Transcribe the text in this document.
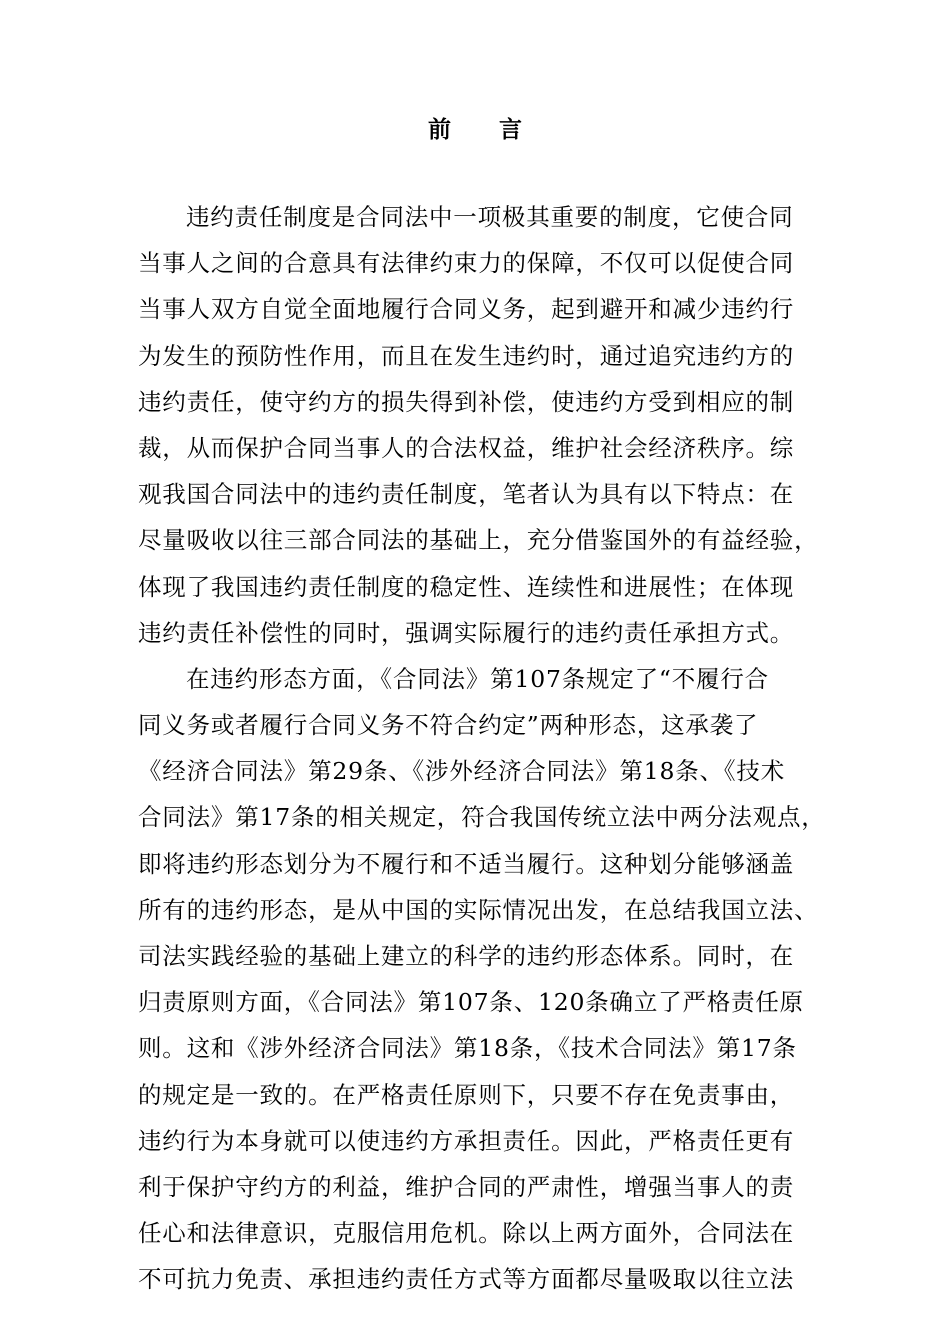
前 言
违约责任制度是合同法中一项极其重要的制度，它使合同
当事人之间的合意具有法律约束力的保障，不仅可以促使合同
当事人双方自觉全面地履行合同义务，起到避开和减少违约行
为发生的预防性作用，而且在发生违约时，通过追究违约方的
违约责任，使守约方的损失得到补偿，使违约方受到相应的制
裁，从而保护合同当事人的合法权益，维护社会经济秩序。综
观我国合同法中的违约责任制度，笔者认为具有以下特点：在
尽量吸收以往三部合同法的基础上，充分借鉴国外的有益经验，
体现了我国违约责任制度的稳定性、连续性和进展性；在体现
违约责任补偿性的同时，强调实际履行的违约责任承担方式。
在违约形态方面，《合同法》第107条规定了“不履行合
同义务或者履行合同义务不符合约定”两种形态，这承袭了
《经济合同法》第29条、《涉外经济合同法》第18条、《技术
合同法》第17条的相关规定，符合我国传统立法中两分法观点，
即将违约形态划分为不履行和不适当履行。这种划分能够涵盖
所有的违约形态，是从中国的实际情况出发，在总结我国立法、
司法实践经验的基础上建立的科学的违约形态体系。同时，在
归责原则方面，《合同法》第107条、120条确立了严格责任原
则。这和《涉外经济合同法》第18条，《技术合同法》第17条
的规定是一致的。在严格责任原则下，只要不存在免责事由，
违约行为本身就可以使违约方承担责任。因此，严格责任更有
利于保护守约方的利益，维护合同的严肃性，增强当事人的责
任心和法律意识，克服信用危机。除以上两方面外，合同法在
不可抗力免责、承担违约责任方式等方面都尽量吸取以往立法
